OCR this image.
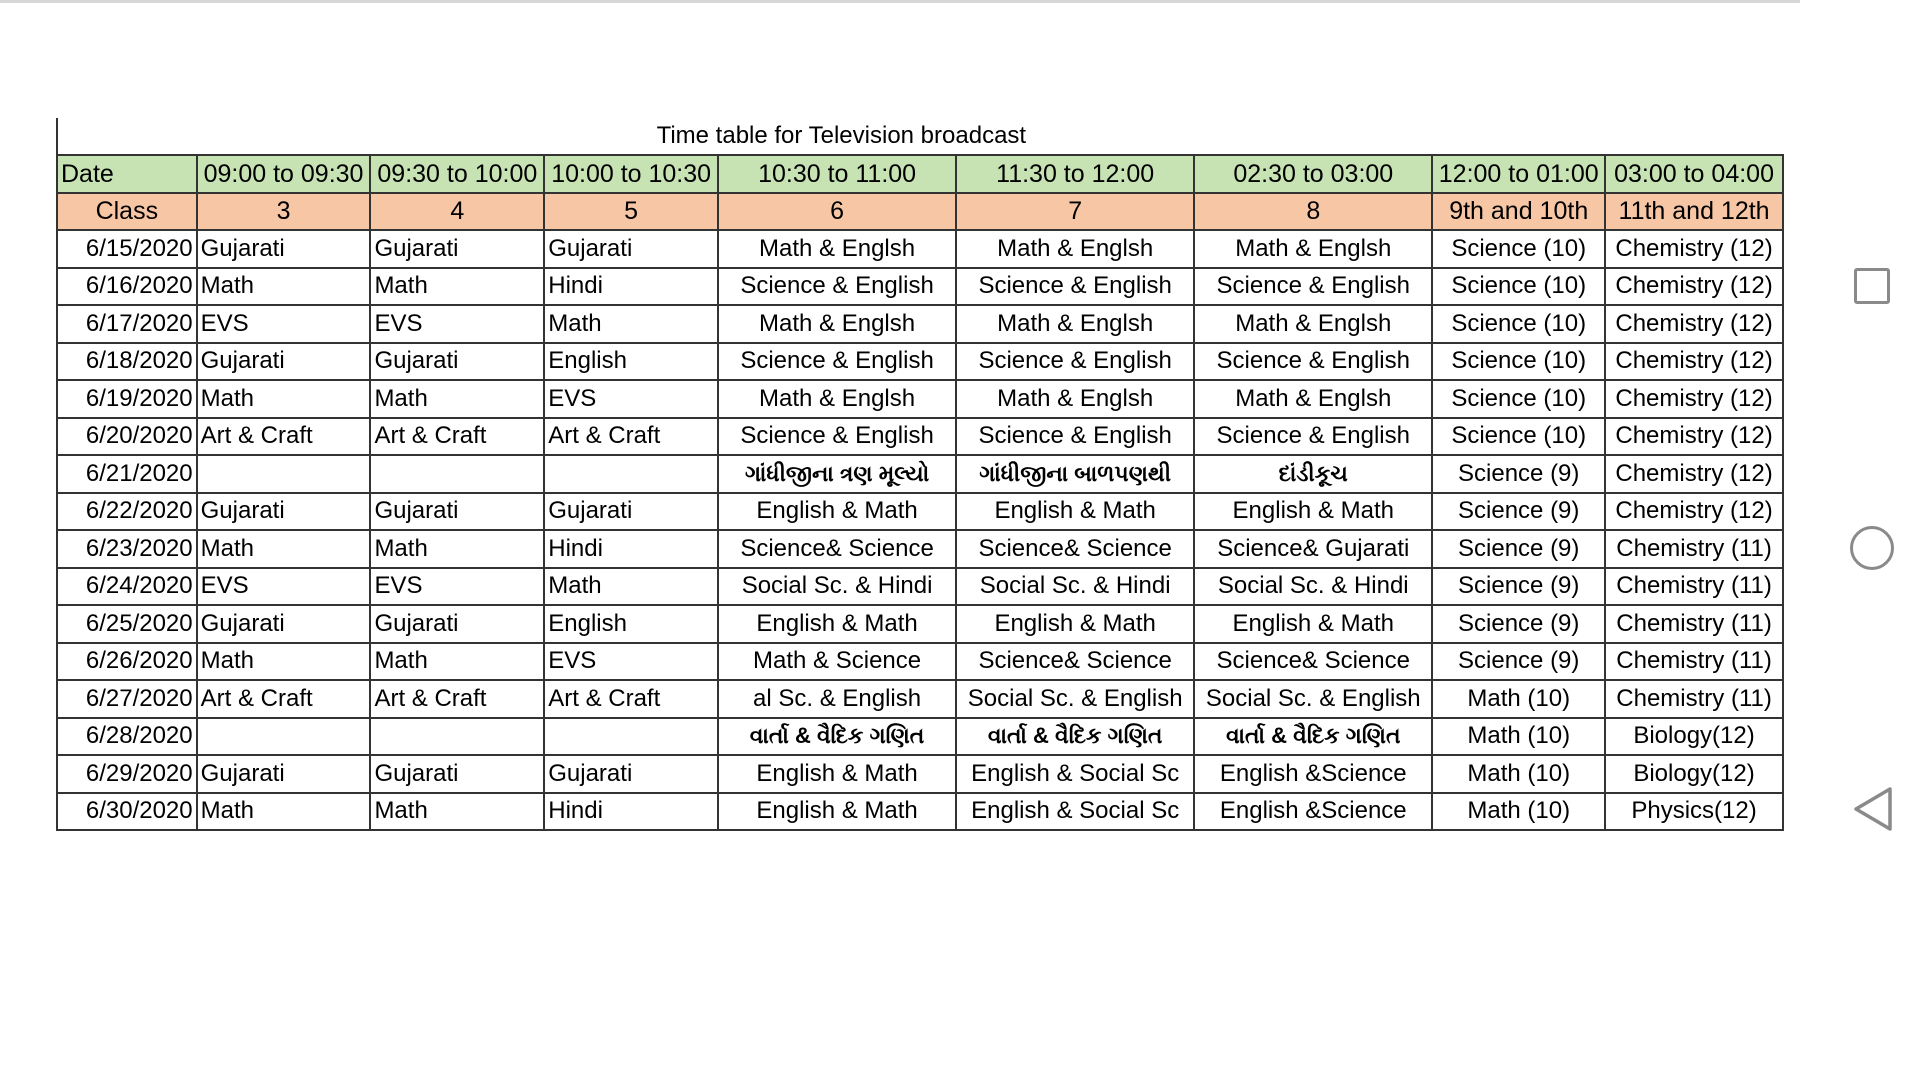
	Time table for Television broadcast							
Date	09:00 to 09:30	09:30 to 10:00	10:00 to 10:30	10:30 to 11:00	11:30 to 12:00	02:30 to 03:00	12:00 to 01:00	03:00 to 04:00
Class	3	4	5	6	7	8	9th and 10th	11th and 12th
6/15/2020	Gujarati	Gujarati	Gujarati	Math & Englsh	Math & Englsh	Math & Englsh	Science (10)	Chemistry (12)
6/16/2020	Math	Math	Hindi	Science & English	Science & English	Science & English	Science (10)	Chemistry (12)
6/17/2020	EVS	EVS	Math	Math & Englsh	Math & Englsh	Math & Englsh	Science (10)	Chemistry (12)
6/18/2020	Gujarati	Gujarati	English	Science & English	Science & English	Science & English	Science (10)	Chemistry (12)
6/19/2020	Math	Math	EVS	Math & Englsh	Math & Englsh	Math & Englsh	Science (10)	Chemistry (12)
6/20/2020	Art & Craft	Art & Craft	Art & Craft	Science & English	Science & English	Science & English	Science (10)	Chemistry (12)
6/21/2020				ગાંધીજીના ત્રણ મૂલ્યો	ગાંધીજીના બાળપણથી	દાંડીકૂચ	Science (9)	Chemistry (12)
6/22/2020	Gujarati	Gujarati	Gujarati	English & Math	English & Math	English & Math	Science (9)	Chemistry (12)
6/23/2020	Math	Math	Hindi	Science& Science	Science& Science	Science& Gujarati	Science (9)	Chemistry (11)
6/24/2020	EVS	EVS	Math	Social Sc. & Hindi	Social Sc. & Hindi	Social Sc. & Hindi	Science (9)	Chemistry (11)
6/25/2020	Gujarati	Gujarati	English	English & Math	English & Math	English & Math	Science (9)	Chemistry (11)
6/26/2020	Math	Math	EVS	Math & Science	Science& Science	Science& Science	Science (9)	Chemistry (11)
6/27/2020	Art & Craft	Art & Craft	Art & Craft	al Sc. & English	Social Sc. & English	Social Sc. & English	Math (10)	Chemistry (11)
6/28/2020				વાર્તા & વૈદિક ગણિત	વાર્તા & વૈદિક ગણિત	વાર્તા & વૈદિક ગણિત	Math (10)	Biology(12)
6/29/2020	Gujarati	Gujarati	Gujarati	English & Math	English & Social Sc	English &Science	Math (10)	Biology(12)
6/30/2020	Math	Math	Hindi	English & Math	English & Social Sc	English &Science	Math (10)	Physics(12)
